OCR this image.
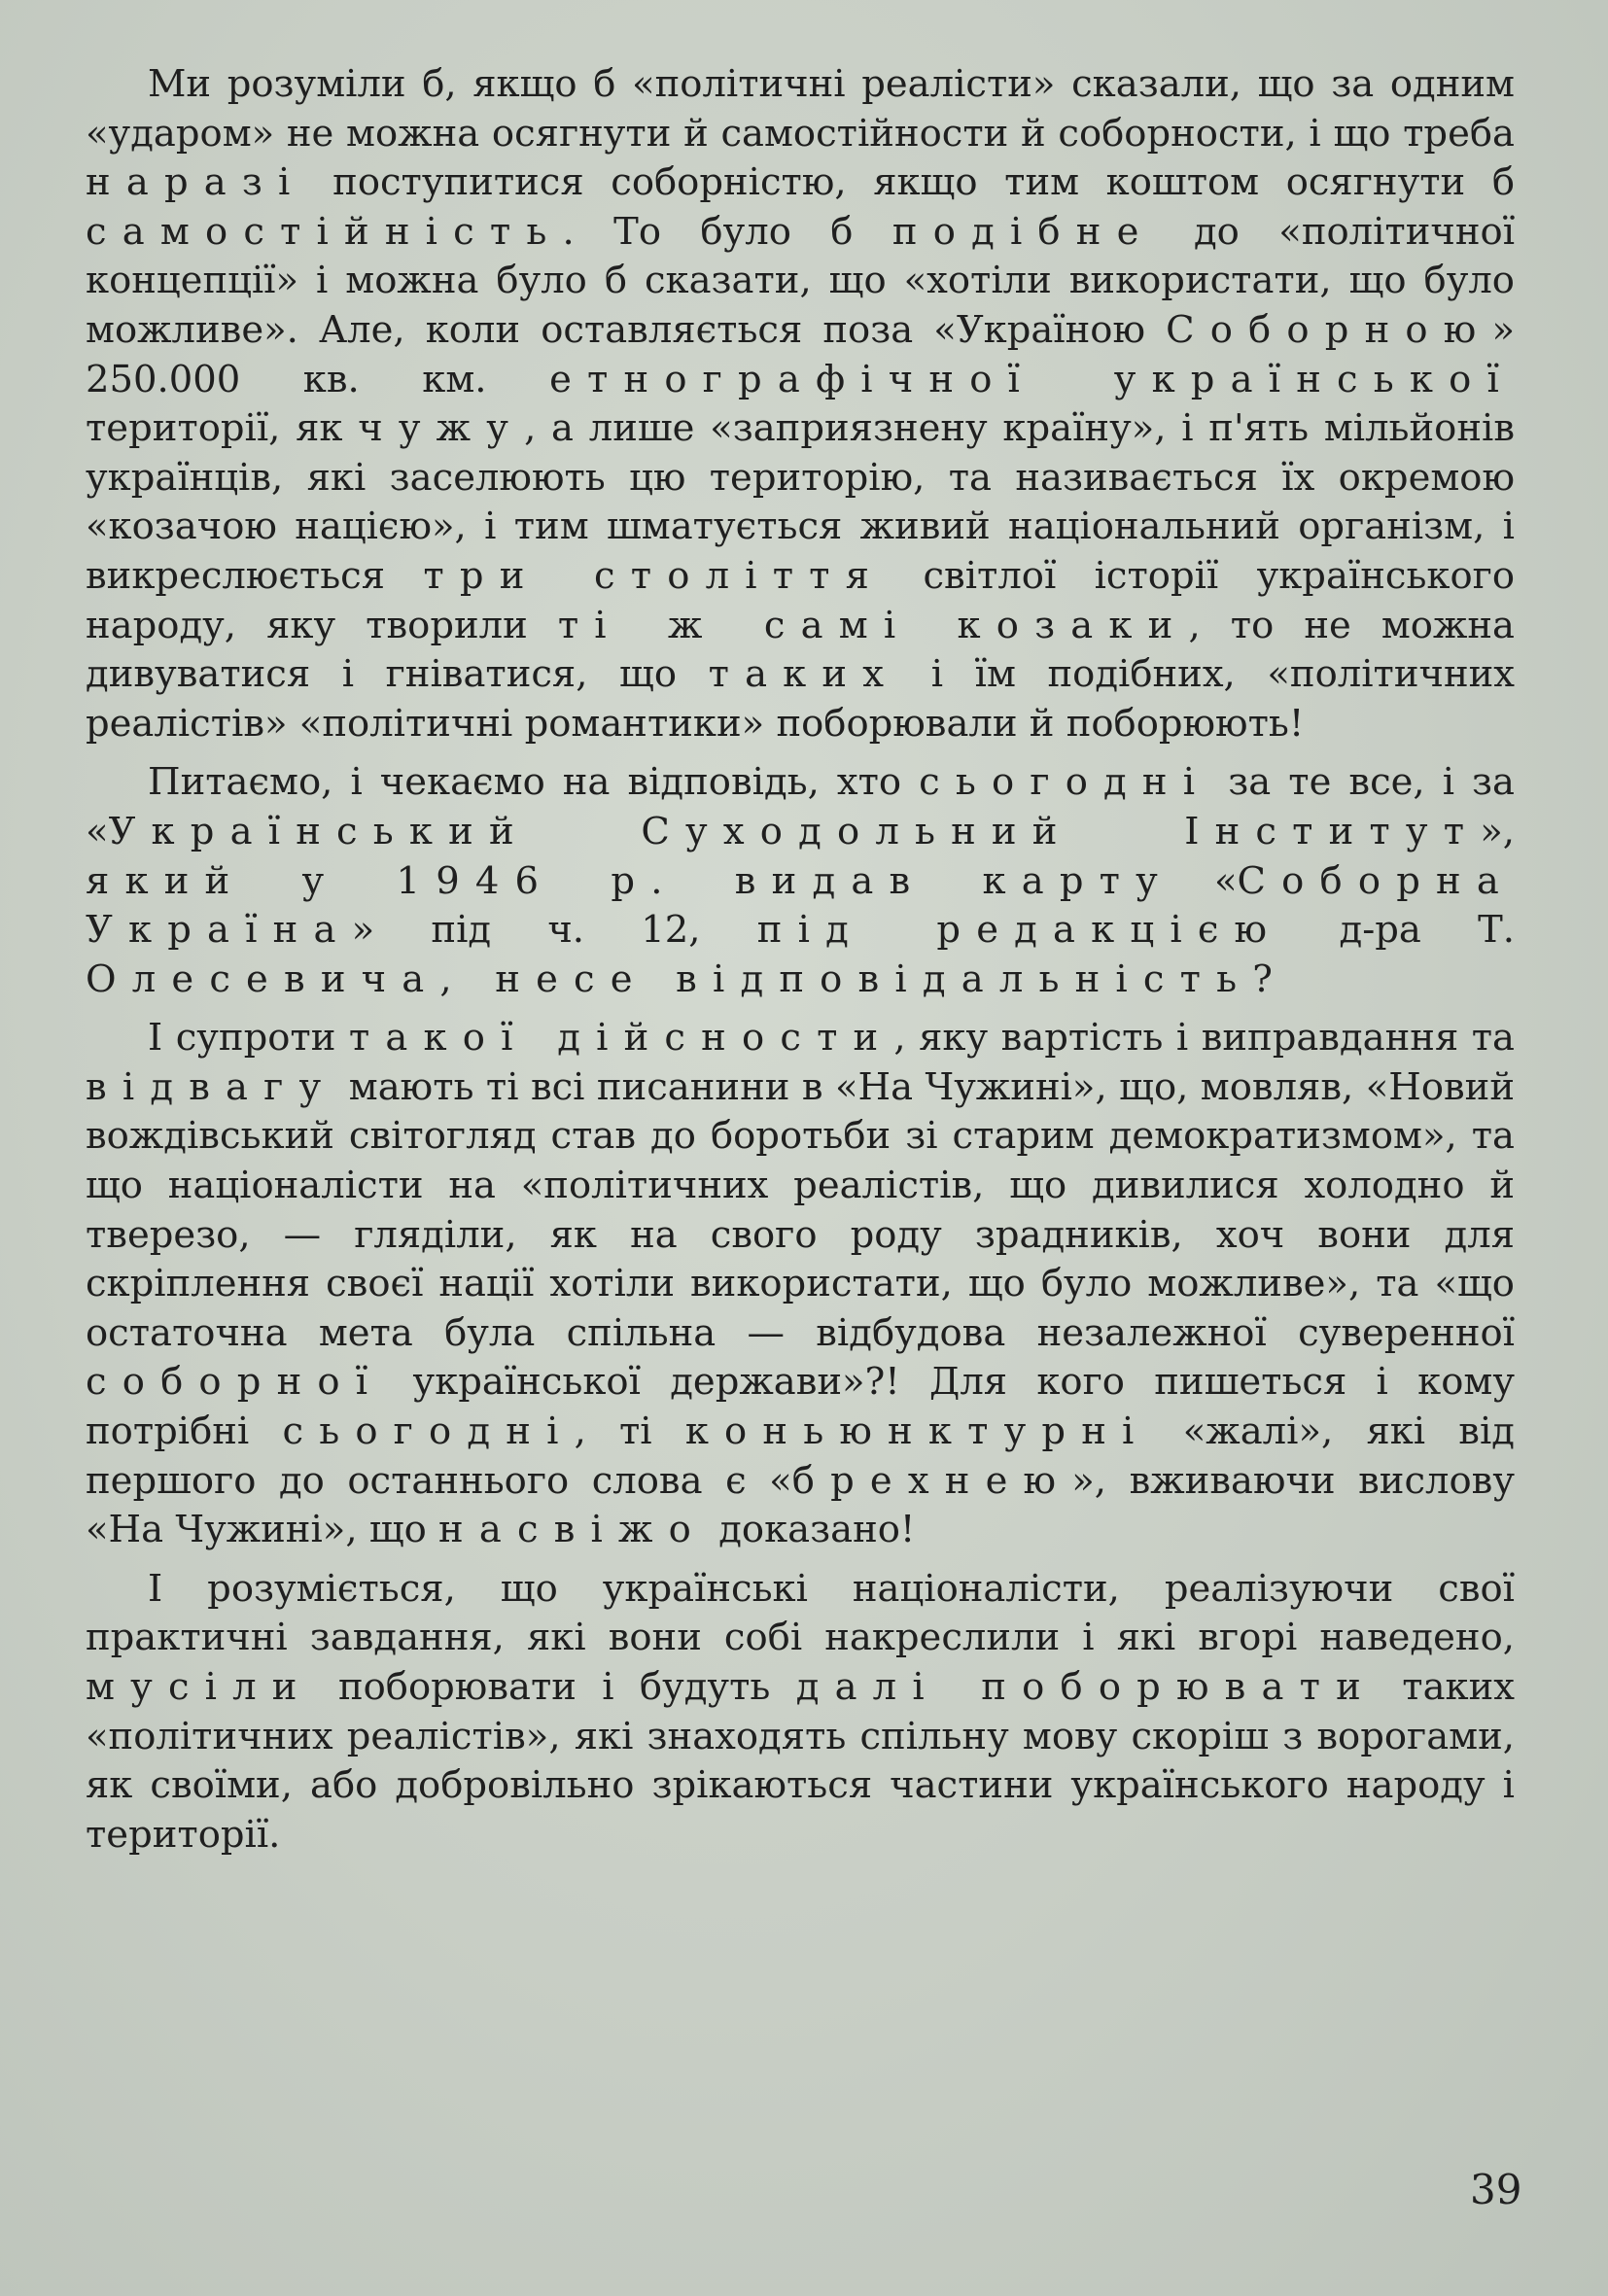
Ми розуміли б, якщо б «політичні реалісти» сказали, що за одним «ударом» не можна осягнути й самостійности й соборности, і що треба наразі поступитися соборністю, якщо тим коштом осягнути б самостійність. То було б подібне до «політичної концепції» і можна було б сказати, що «хотіли використати, що було можливе». Але, коли оставляється поза «Україною Соборною» 250.000 кв. км. етнографічної української території, як чужу, а лише «заприязнену країну», і п'ять мільйонів українців, які заселюють цю територію, та називається їх окремою «козачою нацією», і тим шматується живий національний організм, і викреслюється три століття світлої історії українського народу, яку творили ті ж самі козаки, то не можна дивуватися і гніватися, що таких і їм подібних, «політичних реалістів» «політичні романтики» поборювали й поборюють!

Питаємо, і чекаємо на відповідь, хто сьогодні за те все, і за «Український Суходольний Інститут», який у 1946 р. видав карту «Соборна Україна» під ч. 12, під редакцією д-ра Т. Олесевича, несе відповідальність?

І супроти такої дійсности, яку вартість і виправдання та відвагу мають ті всі писанини в «На Чужині», що, мовляв, «Новий вождівський світогляд став до боротьби зі старим демократизмом», та що націоналісти на «політичних реалістів, що дивилися холодно й тверезо, — гляділи, як на свого роду зрадників, хоч вони для скріплення своєї нації хотіли використати, що було можливе», та «що остаточна мета була спільна — відбудова незалежної суверенної соборної української держави»?! Для кого пишеться і кому потрібні сьогодні, ті коньюнктурні «жалі», які від першого до останнього слова є «брехнею», вживаючи вислову «На Чужині», що насвіжо доказано!

І розуміється, що українські націоналісти, реалізуючи свої практичні завдання, які вони собі накреслили і які вгорі наведено, мусіли поборювати і будуть далі поборювати таких «політичних реалістів», які знаходять спільну мову скоріш з ворогами, як своїми, або добровільно зрікаються частини українського народу і території.

39
